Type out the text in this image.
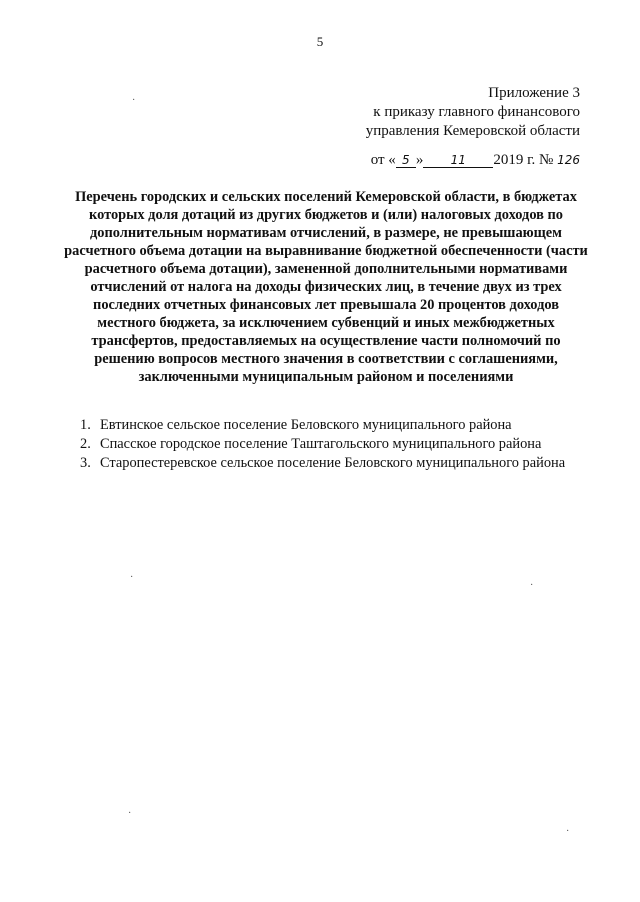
5
Приложение 3
к приказу главного финансового
управления Кемеровской области
от « 5 » 11 2019 г. № 126
Перечень городских и сельских поселений Кемеровской области, в бюджетах которых доля дотаций из других бюджетов и (или) налоговых доходов по дополнительным нормативам отчислений, в размере, не превышающем расчетного объема дотации на выравнивание бюджетной обеспеченности (части расчетного объема дотации), замененной дополнительными нормативами отчислений от налога на доходы физических лиц, в течение двух из трех последних отчетных финансовых лет превышала 20 процентов доходов местного бюджета, за исключением субвенций и иных межбюджетных трансфертов, предоставляемых на осуществление части полномочий по решению вопросов местного значения в соответствии с соглашениями, заключенными муниципальным районом и поселениями
1. Евтинское сельское поселение Беловского муниципального района
2. Спасское городское поселение Таштагольского муниципального района
3. Старопестеревское сельское поселение Беловского муниципального района
·
·
·
·
·
